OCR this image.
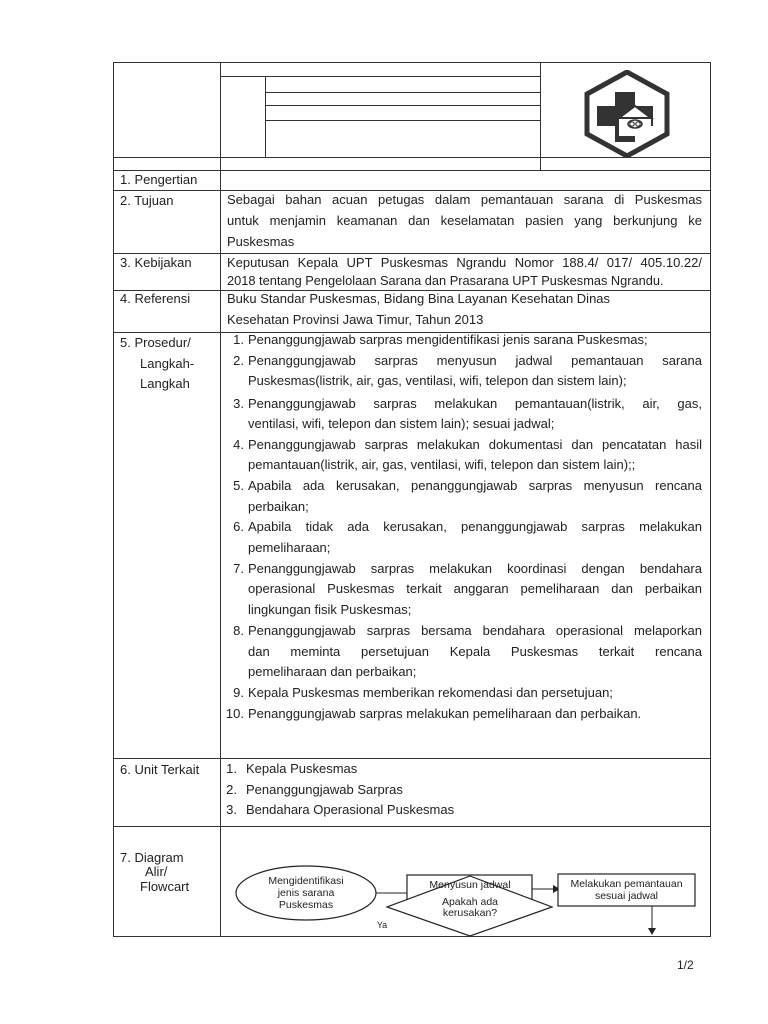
1. Pengertian
2. Tujuan
3. Kebijakan
4. Referensi
5. Prosedur/
Langkah-
Langkah
6. Unit Terkait
7. Diagram
Alir/
Flowcart
Sebagai bahan acuan petugas dalam pemantauan sarana di Puskesmas
untuk menjamin keamanan dan keselamatan pasien yang berkunjung ke
Puskesmas
Keputusan Kepala UPT Puskesmas Ngrandu Nomor 188.4/ 017/ 405.10.22/
2018 tentang Pengelolaan Sarana dan Prasarana UPT Puskesmas Ngrandu.
Buku Standar Puskesmas, Bidang Bina Layanan Kesehatan Dinas
Kesehatan Provinsi Jawa Timur, Tahun 2013
1. Penanggungjawab sarpras mengidentifikasi jenis sarana Puskesmas;
2. Penanggungjawab sarpras menyusun jadwal pemantauan sarana
Puskesmas(listrik, air, gas, ventilasi, wifi, telepon dan sistem lain);
3. Penanggungjawab sarpras melakukan pemantauan(listrik, air, gas,
ventilasi, wifi, telepon dan sistem lain); sesuai jadwal;
4. Penanggungjawab sarpras melakukan dokumentasi dan pencatatan hasil
pemantauan(listrik, air, gas, ventilasi, wifi, telepon dan sistem lain);;
5. Apabila ada kerusakan, penanggungjawab sarpras menyusun rencana
perbaikan;
6. Apabila tidak ada kerusakan, penanggungjawab sarpras melakukan
pemeliharaan;
7. Penanggungjawab sarpras melakukan koordinasi dengan bendahara
operasional Puskesmas terkait anggaran pemeliharaan dan perbaikan
lingkungan fisik Puskesmas;
8. Penanggungjawab sarpras bersama bendahara operasional melaporkan
dan meminta persetujuan Kepala Puskesmas terkait rencana
pemeliharaan dan perbaikan;
9. Kepala Puskesmas memberikan rekomendasi dan persetujuan;
10. Penanggungjawab sarpras melakukan pemeliharaan dan perbaikan.
1. Kepala Puskesmas
2. Penanggungjawab Sarpras
3. Bendahara Operasional Puskesmas
Mengidentifikasi
jenis sarana
Puskesmas
Menyusun jadwal
Apakah ada
kerusakan?
Melakukan pemantauan
sesuai jadwal
Ya
1/2
